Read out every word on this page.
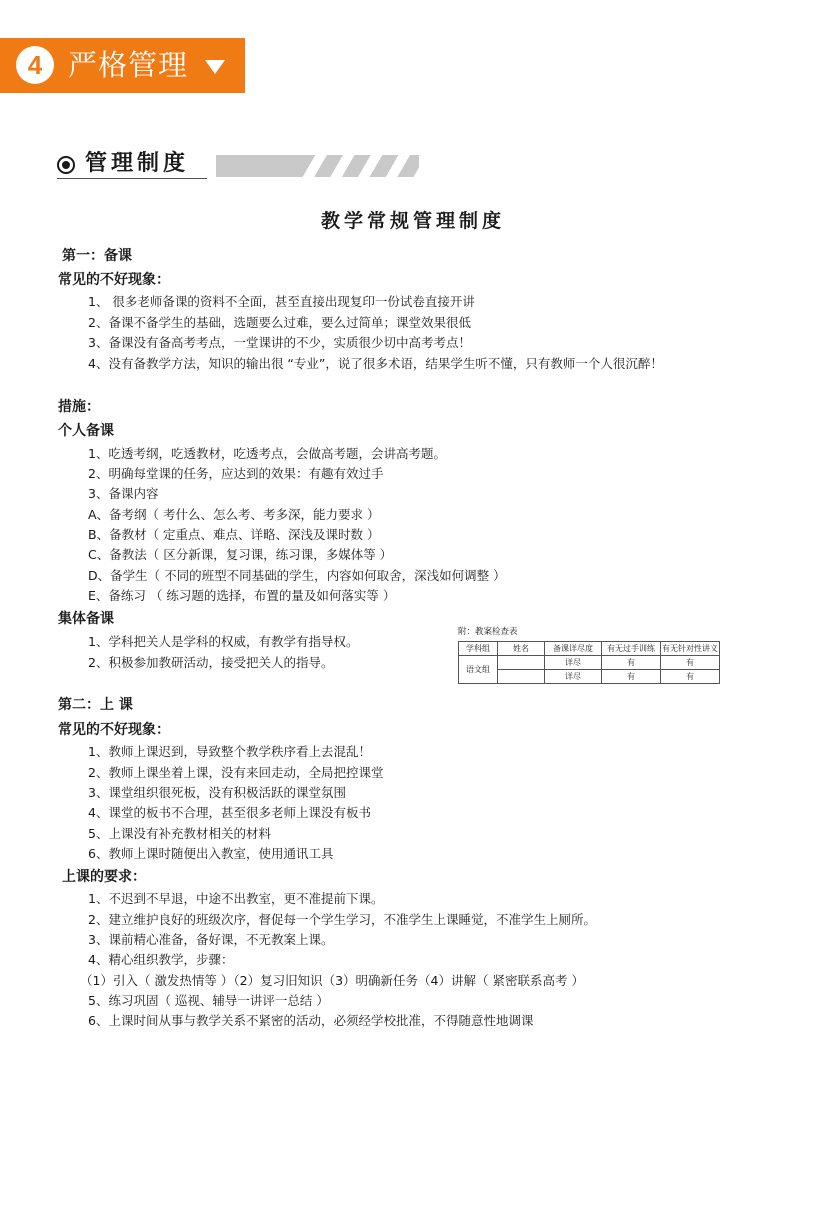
4 严格管理
管理制度
教学常规管理制度
第一：备课
常见的不好现象：
1、 很多老师备课的资料不全面，甚至直接出现复印一份试卷直接开讲
2、备课不备学生的基础，选题要么过难，要么过简单；课堂效果很低
3、备课没有备高考考点，一堂课讲的不少，实质很少切中高考考点！
4、没有备教学方法，知识的输出很 “专业”，说了很多术语，结果学生听不懂，只有教师一个人很沉醉！
措施：
个人备课
1、吃透考纲，吃透教材，吃透考点，会做高考题，会讲高考题。
2、明确每堂课的任务，应达到的效果：有趣有效过手
3、备课内容
A、备考纲（ 考什么、怎么考、考多深，能力要求 ）
B、备教材（ 定重点、难点、详略、深浅及课时数 ）
C、备教法（ 区分新课，复习课，练习课，多媒体等 ）
D、备学生（ 不同的班型不同基础的学生，内容如何取舍，深浅如何调整 ）
E、备练习 （ 练习题的选择，布置的量及如何落实等 ）
集体备课
1、学科把关人是学科的权威，有教学有指导权。
2、积极参加教研活动，接受把关人的指导。
附：教案检查表
学科组	姓名	备课详尽度	有无过手训练	有无针对性讲义
语文组		详尽	有	有
		详尽	有	有
第二：上 课
常见的不好现象：
1、教师上课迟到，导致整个教学秩序看上去混乱！
2、教师上课坐着上课，没有来回走动，全局把控课堂
3、课堂组织很死板，没有积极活跃的课堂氛围
4、课堂的板书不合理，甚至很多老师上课没有板书
5、上课没有补充教材相关的材料
6、教师上课时随便出入教室，使用通讯工具
上课的要求：
1、不迟到不早退，中途不出教室，更不准提前下课。
2、建立维护良好的班级次序，督促每一个学生学习，不准学生上课睡觉，不准学生上厕所。
3、课前精心准备，备好课，不无教案上课。
4、精心组织教学，步骤：
（1）引入（ 激发热情等 ）（2）复习旧知识（3）明确新任务（4）讲解（ 紧密联系高考 ）
5、练习巩固（ 巡视、辅导一讲评一总结 ）
6、上课时间从事与教学关系不紧密的活动，必须经学校批准，不得随意性地调课
